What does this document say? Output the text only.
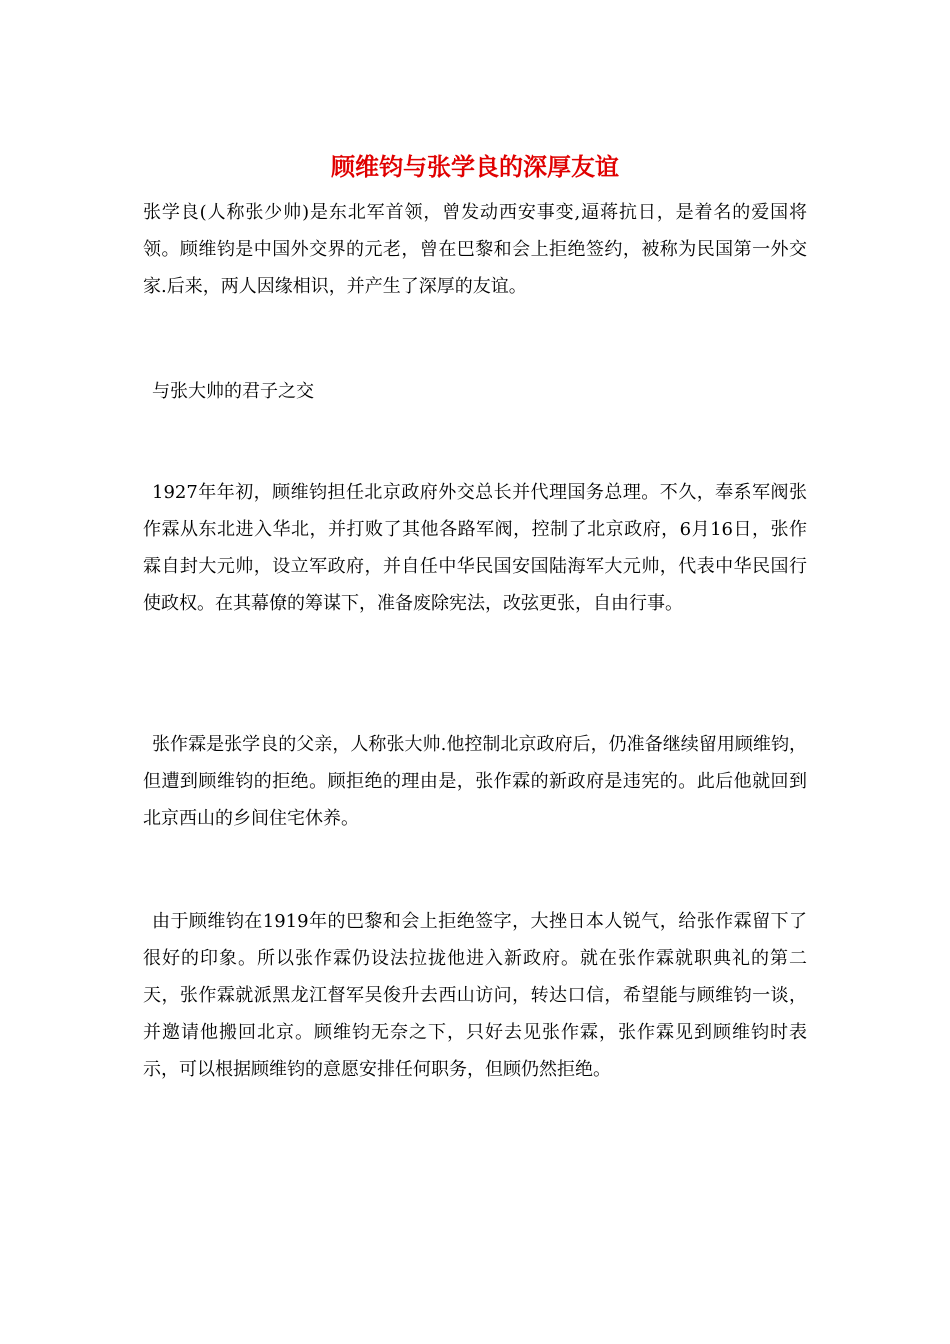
顾维钧与张学良的深厚友谊

张学良(人称张少帅)是东北军首领，曾发动西安事变,逼蒋抗日，是着名的爱国将领。顾维钧是中国外交界的元老，曾在巴黎和会上拒绝签约，被称为民国第一外交家.后来，两人因缘相识，并产生了深厚的友谊。

与张大帅的君子之交

1927年年初，顾维钧担任北京政府外交总长并代理国务总理。不久，奉系军阀张作霖从东北进入华北，并打败了其他各路军阀，控制了北京政府，6月16日，张作霖自封大元帅，设立军政府，并自任中华民国安国陆海军大元帅，代表中华民国行使政权。在其幕僚的筹谋下，准备废除宪法，改弦更张，自由行事。

张作霖是张学良的父亲，人称张大帅.他控制北京政府后，仍准备继续留用顾维钧，但遭到顾维钧的拒绝。顾拒绝的理由是，张作霖的新政府是违宪的。此后他就回到北京西山的乡间住宅休养。

由于顾维钧在1919年的巴黎和会上拒绝签字，大挫日本人锐气，给张作霖留下了很好的印象。所以张作霖仍设法拉拢他进入新政府。就在张作霖就职典礼的第二天，张作霖就派黑龙江督军吴俊升去西山访问，转达口信，希望能与顾维钧一谈，并邀请他搬回北京。顾维钧无奈之下，只好去见张作霖，张作霖见到顾维钧时表示，可以根据顾维钧的意愿安排任何职务，但顾仍然拒绝。
